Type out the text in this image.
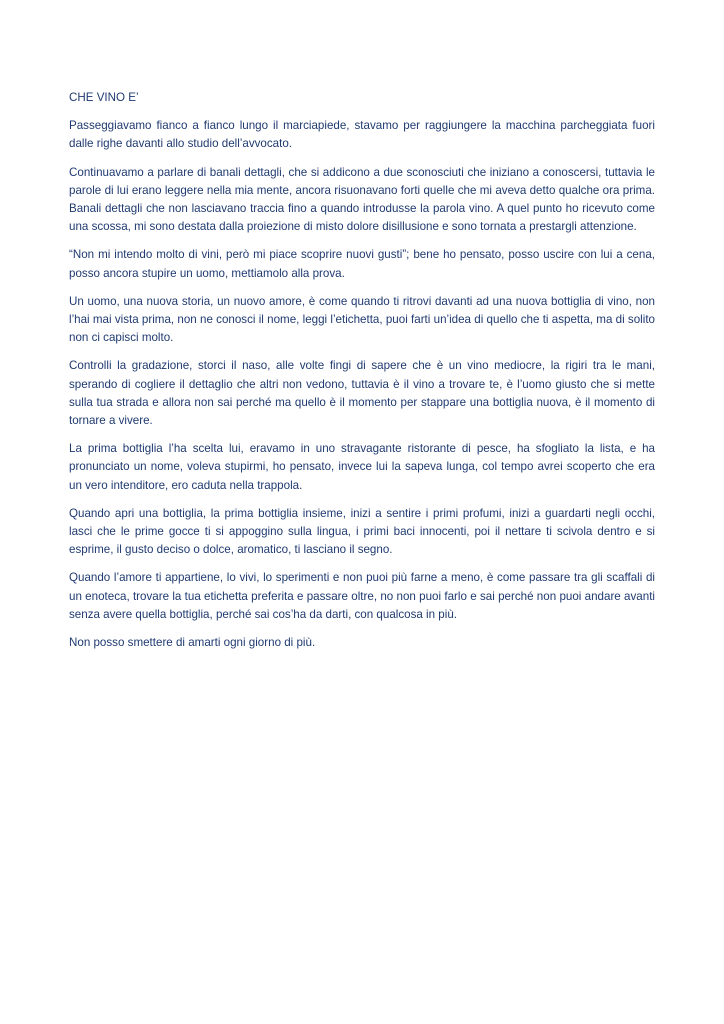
CHE VINO E’

Passeggiavamo fianco a fianco lungo il marciapiede, stavamo per raggiungere la macchina parcheggiata fuori dalle righe davanti allo studio dell’avvocato.

Continuavamo a parlare di banali dettagli, che si addicono a due sconosciuti che iniziano a conoscersi, tuttavia le parole di lui erano leggere nella mia mente, ancora risuonavano forti quelle che mi aveva detto qualche ora prima. Banali dettagli che non lasciavano traccia fino a quando introdusse la parola vino. A quel punto ho ricevuto come una scossa, mi sono destata dalla proiezione di misto dolore disillusione e sono tornata a prestargli attenzione.

“Non mi intendo molto di vini, però mi piace scoprire nuovi gusti”; bene ho pensato, posso uscire con lui a cena, posso ancora stupire un uomo, mettiamolo alla prova.

Un uomo, una nuova storia, un nuovo amore, è come quando ti ritrovi davanti ad una nuova bottiglia di vino, non l’hai mai vista prima, non ne conosci il nome, leggi l’etichetta, puoi farti un’idea di quello che ti aspetta, ma di solito non ci capisci molto.

Controlli la gradazione, storci il naso, alle volte fingi di sapere che è un vino mediocre, la rigiri tra le mani, sperando di cogliere il dettaglio che altri non vedono, tuttavia è il vino a trovare te, è l’uomo giusto che si mette sulla tua strada e allora non sai perché ma quello è il momento per stappare una bottiglia nuova, è il momento di tornare a vivere.

La prima bottiglia l’ha scelta lui, eravamo in uno stravagante ristorante di pesce, ha sfogliato la lista, e ha pronunciato un nome, voleva stupirmi, ho pensato, invece lui la sapeva lunga, col tempo avrei scoperto che era un vero intenditore, ero caduta nella trappola.

Quando apri una bottiglia, la prima bottiglia insieme, inizi a sentire i primi profumi, inizi a guardarti negli occhi, lasci che le prime gocce ti si appoggino sulla lingua, i primi baci innocenti, poi il nettare ti scivola dentro e si esprime, il gusto deciso o dolce, aromatico, ti lasciano il segno.

Quando l’amore ti appartiene, lo vivi, lo sperimenti e non puoi più farne a meno, è come passare tra gli scaffali di un enoteca, trovare la tua etichetta preferita e passare oltre, no non puoi farlo e sai perché non puoi andare avanti senza avere quella bottiglia, perché sai cos’ha da darti, con qualcosa in più.

Non posso smettere di amarti ogni giorno di più.
